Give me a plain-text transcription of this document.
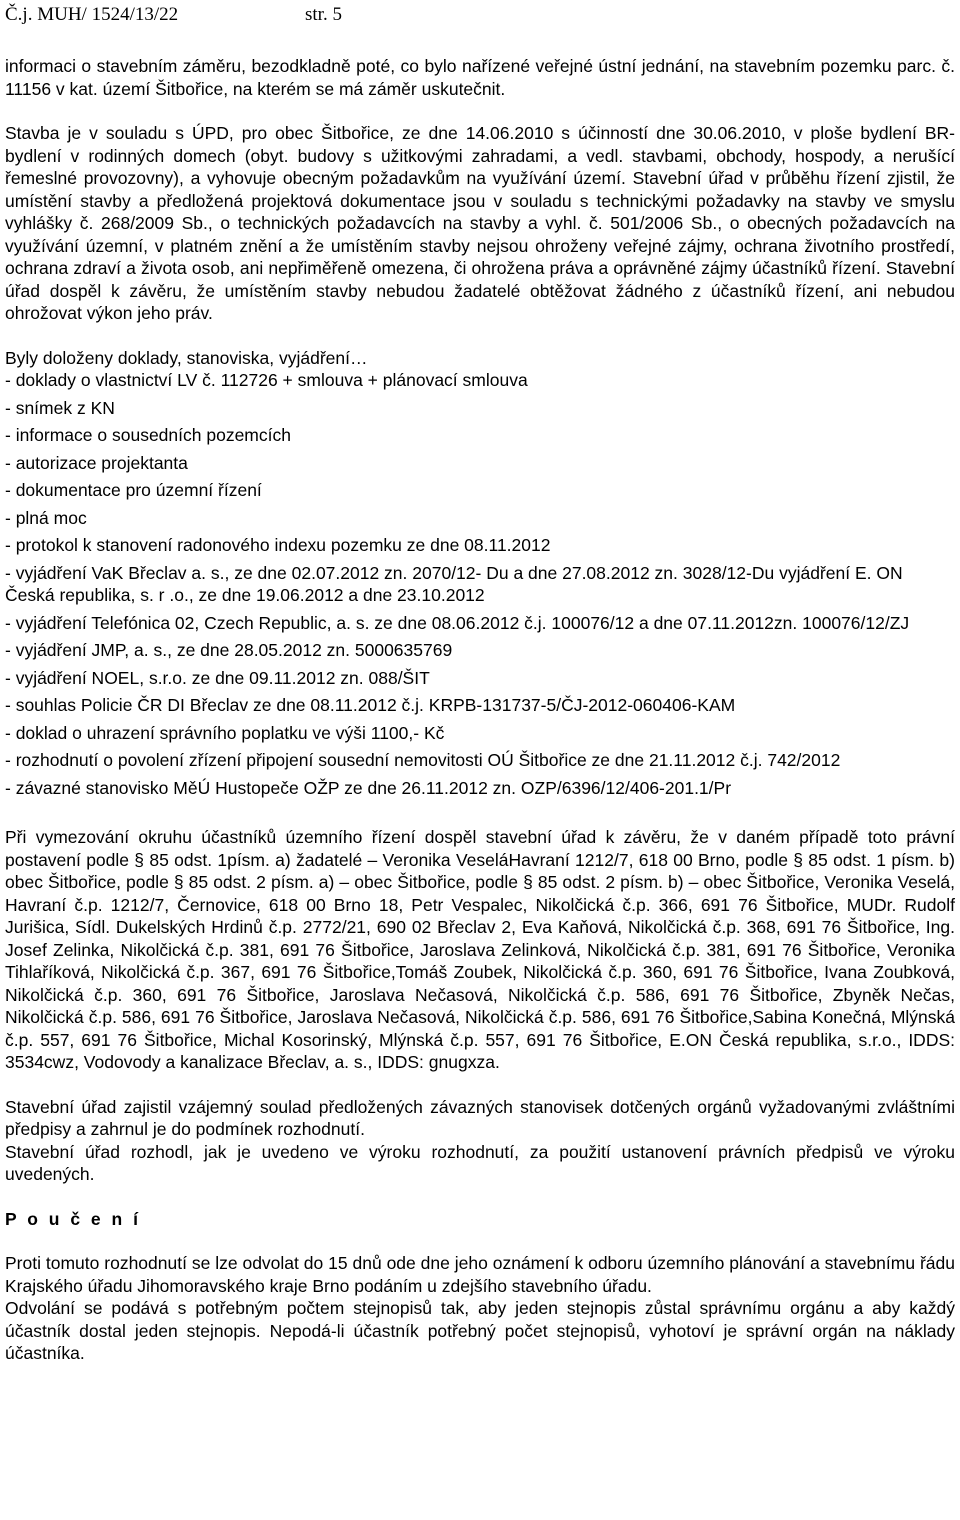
Č.j. MUH/ 1524/13/22	str. 5

informaci o stavebním záměru, bezodkladně poté, co bylo nařízené veřejné ústní jednání, na stavebním pozemku parc. č. 11156 v kat. území Šitbořice, na kterém se má záměr uskutečnit.

Stavba je v souladu s ÚPD, pro obec Šitbořice, ze dne 14.06.2010 s účinností dne 30.06.2010, v ploše bydlení BR- bydlení v rodinných domech (obyt. budovy s užitkovými zahradami, a vedl. stavbami, obchody, hospody, a nerušící řemeslné provozovny), a vyhovuje obecným požadavkům na využívání území. Stavební úřad v průběhu řízení zjistil, že umístění stavby a předložená projektová dokumentace jsou v souladu s technickými požadavky na stavby ve smyslu vyhlášky č. 268/2009 Sb., o technických požadavcích na stavby a vyhl. č. 501/2006 Sb., o obecných požadavcích na využívání územní, v platném znění a že umístěním stavby nejsou ohroženy veřejné zájmy, ochrana životního prostředí, ochrana zdraví a života osob, ani nepřiměřeně omezena, či ohrožena práva a oprávněné zájmy účastníků řízení. Stavební úřad dospěl k závěru, že umístěním stavby nebudou žadatelé obtěžovat žádného z účastníků řízení, ani nebudou ohrožovat výkon jeho práv.

Byly doloženy doklady, stanoviska, vyjádření…

- doklady o vlastnictví LV č. 112726 + smlouva + plánovací smlouva
- snímek z KN
- informace o sousedních pozemcích
- autorizace projektanta
- dokumentace pro územní řízení
- plná moc
- protokol k stanovení radonového indexu pozemku ze dne 08.11.2012
- vyjádření VaK Břeclav a. s., ze dne 02.07.2012 zn. 2070/12- Du a dne 27.08.2012 zn. 3028/12-Du vyjádření E. ON Česká republika, s. r .o., ze dne 19.06.2012 a dne 23.10.2012
- vyjádření Telefónica 02, Czech Republic, a. s. ze dne 08.06.2012 č.j. 100076/12 a dne 07.11.2012zn. 100076/12/ZJ
- vyjádření JMP, a. s., ze dne 28.05.2012 zn. 5000635769
- vyjádření NOEL, s.r.o. ze dne 09.11.2012 zn. 088/ŠIT
- souhlas Policie ČR DI Břeclav ze dne 08.11.2012 č.j. KRPB-131737-5/ČJ-2012-060406-KAM
- doklad o uhrazení správního poplatku ve výši 1100,- Kč
- rozhodnutí o povolení zřízení připojení sousední nemovitosti OÚ Šitbořice ze dne 21.11.2012 č.j. 742/2012
- závazné stanovisko MěÚ Hustopeče OŽP ze dne 26.11.2012 zn. OZP/6396/12/406-201.1/Pr

Při vymezování okruhu účastníků územního řízení dospěl stavební úřad k závěru, že v daném případě toto právní postavení podle § 85 odst. 1písm. a) žadatelé – Veronika VeseláHavraní 1212/7, 618 00 Brno, podle § 85 odst. 1 písm. b) obec Šitbořice, podle § 85 odst. 2 písm. a) – obec Šitbořice, podle § 85 odst. 2 písm. b) – obec Šitbořice, Veronika Veselá, Havraní č.p. 1212/7, Černovice, 618 00 Brno 18, Petr Vespalec, Nikolčická č.p. 366, 691 76 Šitbořice, MUDr. Rudolf Jurišica, Sídl. Dukelských Hrdinů č.p. 2772/21, 690 02 Břeclav 2, Eva Kaňová, Nikolčická č.p. 368, 691 76 Šitbořice, Ing. Josef Zelinka, Nikolčická č.p. 381, 691 76 Šitbořice, Jaroslava Zelinková, Nikolčická č.p. 381, 691 76 Šitbořice, Veronika Tihlaříková, Nikolčická č.p. 367, 691 76 Šitbořice,Tomáš Zoubek, Nikolčická č.p. 360, 691 76 Šitbořice, Ivana Zoubková, Nikolčická č.p. 360, 691 76 Šitbořice, Jaroslava Nečasová, Nikolčická č.p. 586, 691 76 Šitbořice, Zbyněk Nečas, Nikolčická č.p. 586, 691 76 Šitbořice, Jaroslava Nečasová, Nikolčická č.p. 586, 691 76 Šitbořice,Sabina Konečná, Mlýnská č.p. 557, 691 76 Šitbořice, Michal Kosorinský, Mlýnská č.p. 557, 691 76 Šitbořice, E.ON Česká republika, s.r.o., IDDS: 3534cwz, Vodovody a kanalizace Břeclav, a. s., IDDS: gnugxza.

Stavební úřad zajistil vzájemný soulad předložených závazných stanovisek dotčených orgánů vyžadovanými zvláštními předpisy a zahrnul je do podmínek rozhodnutí.

Stavební úřad rozhodl, jak je uvedeno ve výroku rozhodnutí, za použití ustanovení právních předpisů ve výroku uvedených.

P o u č e n í

Proti tomuto rozhodnutí se lze odvolat do 15 dnů ode dne jeho oznámení k odboru územního plánování a stavebnímu řádu Krajského úřadu Jihomoravského kraje Brno podáním u zdejšího stavebního úřadu.

Odvolání se podává s potřebným počtem stejnopisů tak, aby jeden stejnopis zůstal správnímu orgánu a aby každý účastník dostal jeden stejnopis. Nepodá-li účastník potřebný počet stejnopisů, vyhotoví je správní orgán na náklady účastníka.
